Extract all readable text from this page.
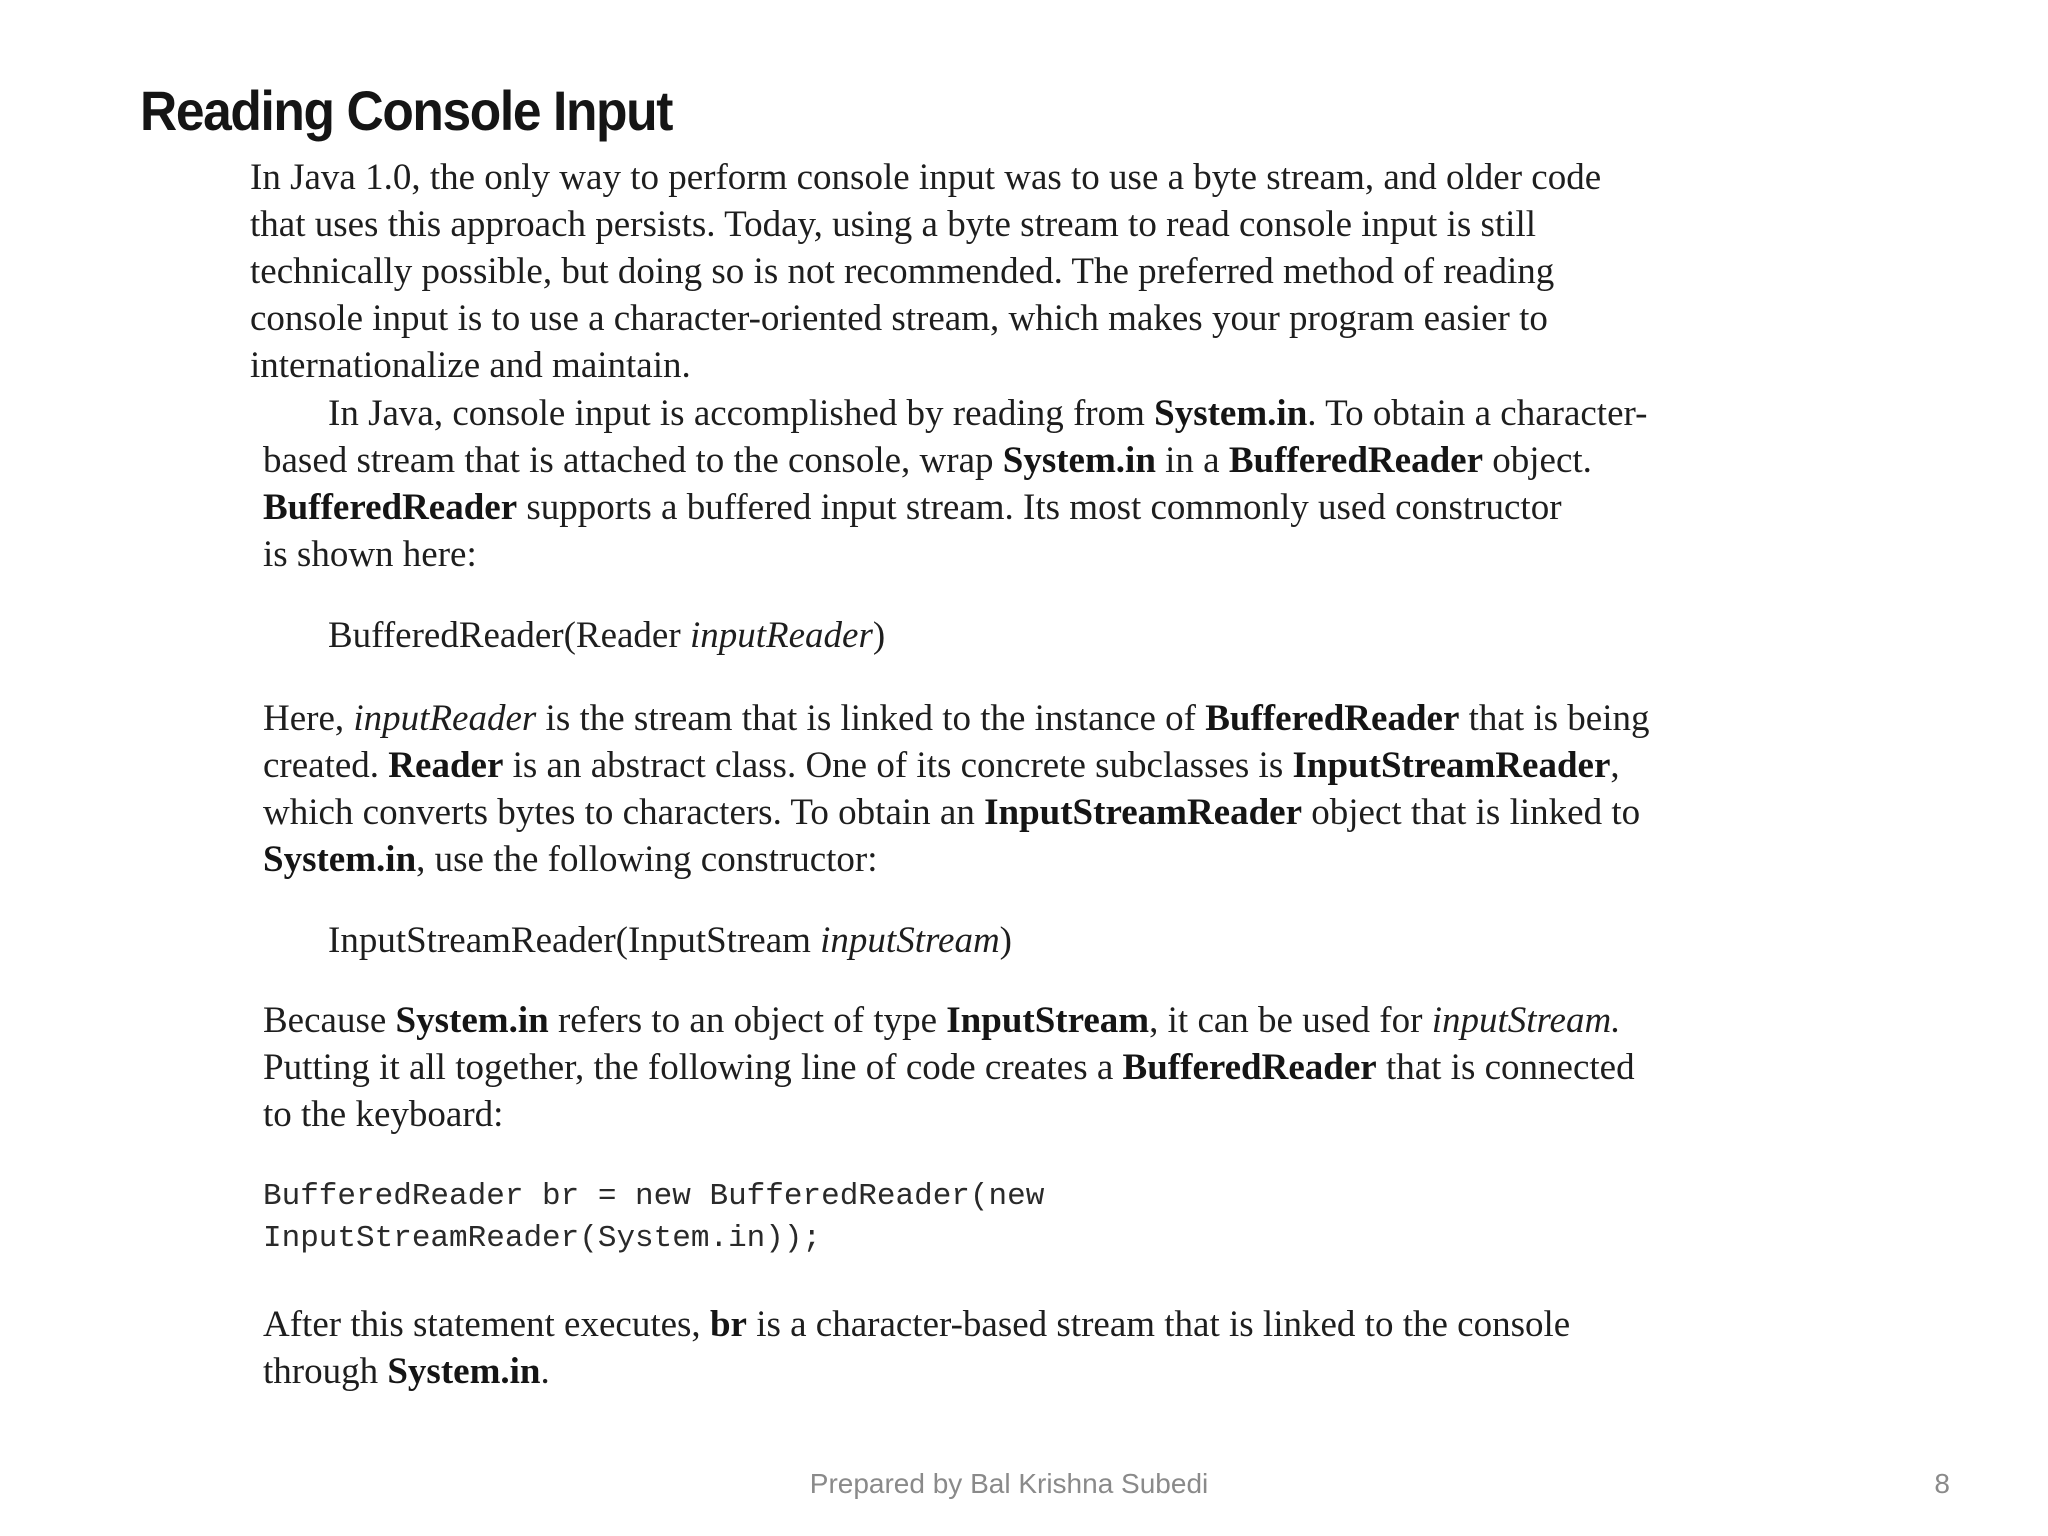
Reading Console Input
In Java 1.0, the only way to perform console input was to use a byte stream, and older code
that uses this approach persists. Today, using a byte stream to read console input is still
technically possible, but doing so is not recommended. The preferred method of reading
console input is to use a character-oriented stream, which makes your program easier to
internationalize and maintain.
In Java, console input is accomplished by reading from System.in. To obtain a character-
based stream that is attached to the console, wrap System.in in a BufferedReader object.
BufferedReader supports a buffered input stream. Its most commonly used constructor
is shown here:
BufferedReader(Reader inputReader)
Here, inputReader is the stream that is linked to the instance of BufferedReader that is being
created. Reader is an abstract class. One of its concrete subclasses is InputStreamReader,
which converts bytes to characters. To obtain an InputStreamReader object that is linked to
System.in, use the following constructor:
InputStreamReader(InputStream inputStream)
Because System.in refers to an object of type InputStream, it can be used for inputStream.
Putting it all together, the following line of code creates a BufferedReader that is connected
to the keyboard:
BufferedReader br = new BufferedReader(new
InputStreamReader(System.in));
After this statement executes, br is a character-based stream that is linked to the console
through System.in.
Prepared by Bal Krishna Subedi	8
